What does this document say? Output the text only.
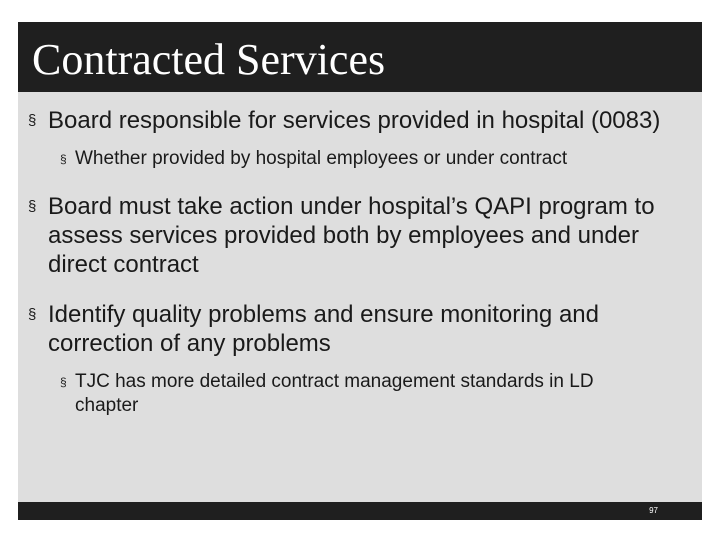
Contracted Services
§ Board responsible for services provided in hospital (0083)
§ Whether provided by hospital employees or under contract
§ Board must take action under hospital’s QAPI program to assess services provided both by employees and under direct contract
§ Identify quality problems and ensure monitoring and correction of any problems
§ TJC has more detailed contract management standards in LD chapter
97
